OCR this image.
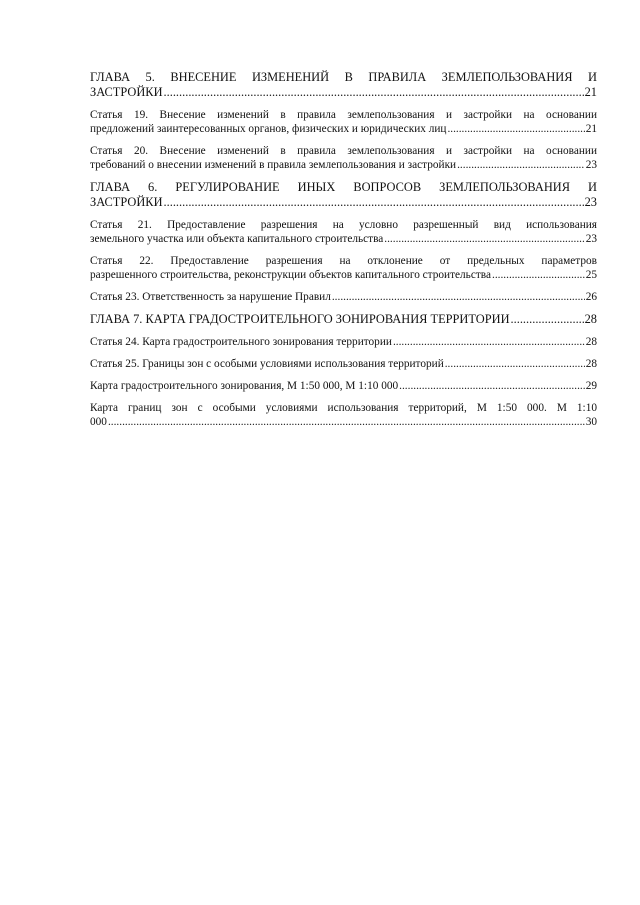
ГЛАВА 5. ВНЕСЕНИЕ ИЗМЕНЕНИЙ В ПРАВИЛА ЗЕМЛЕПОЛЬЗОВАНИЯ И
ЗАСТРОЙКИ .....	21
Статья 19. Внесение изменений в правила землепользования и застройки на основании
предложений заинтересованных органов, физических и юридических лиц .....	21
Статья 20. Внесение изменений в правила землепользования и застройки на основании
требований о внесении изменений в правила землепользования и застройки .....	23
ГЛАВА 6. РЕГУЛИРОВАНИЕ ИНЫХ ВОПРОСОВ ЗЕМЛЕПОЛЬЗОВАНИЯ И
ЗАСТРОЙКИ .....	23
Статья 21. Предоставление разрешения на условно разрешенный вид использования
земельного участка или объекта капитального строительства .....	23
Статья 22. Предоставление разрешения на отклонение от предельных параметров
разрешенного строительства, реконструкции объектов капитального строительства .....	25
Статья 23. Ответственность за нарушение Правил .....	26
ГЛАВА 7. КАРТА ГРАДОСТРОИТЕЛЬНОГО ЗОНИРОВАНИЯ ТЕРРИТОРИИ .....	28
Статья 24. Карта градостроительного зонирования территории .....	28
Статья 25. Границы зон с особыми условиями использования территорий .....	28
Карта градостроительного зонирования, М 1:50 000, М 1:10 000 .....	29
Карта границ зон с особыми условиями использования территорий, М 1:50 000. М 1:10
000 .....	30
